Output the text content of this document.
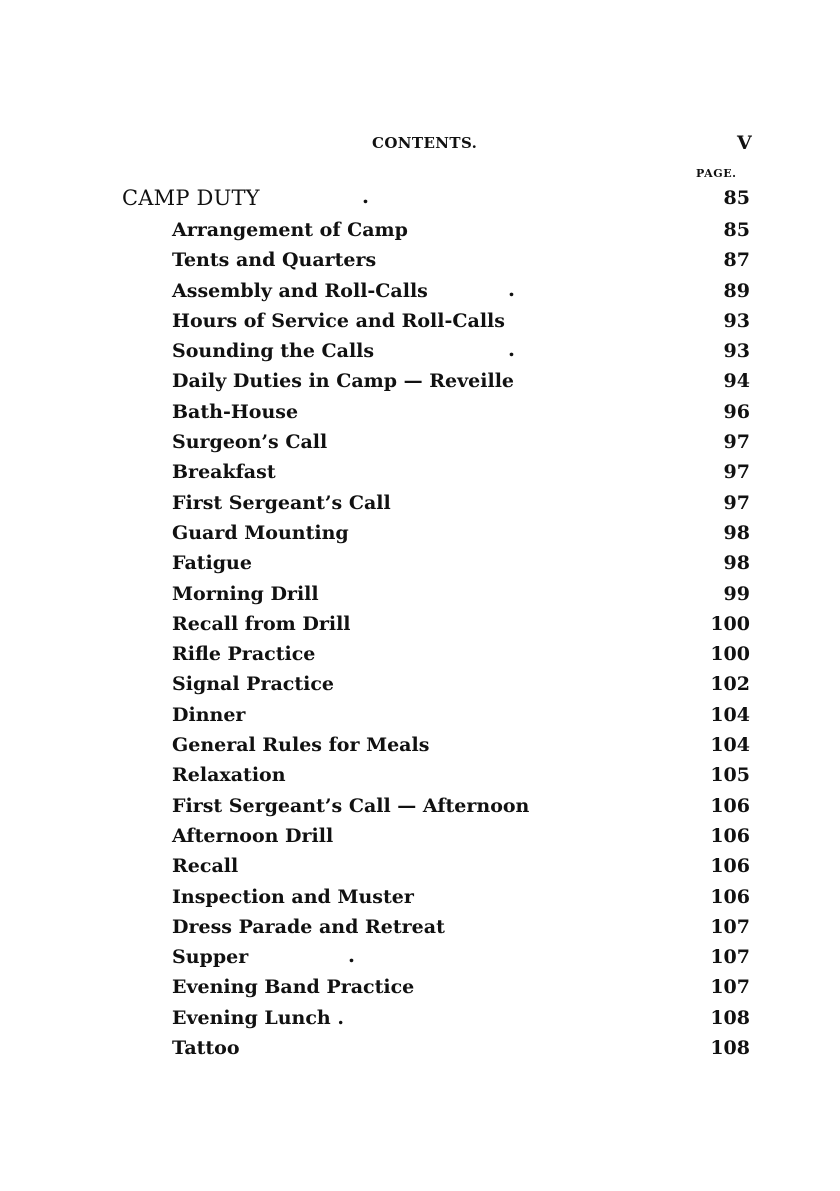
CONTENTS.	V
PAGE.
CAMP DUTY	.	85
Arrangement of Camp	85
Tents and Quarters	87
Assembly and Roll-Calls	.	89
Hours of Service and Roll-Calls	93
Sounding the Calls	.	93
Daily Duties in Camp — Reveille	94
Bath-House	96
Surgeon’s Call	97
Breakfast	97
First Sergeant’s Call	97
Guard Mounting	98
Fatigue	98
Morning Drill	99
Recall from Drill	100
Rifle Practice	100
Signal Practice	102
Dinner	104
General Rules for Meals	104
Relaxation	105
First Sergeant’s Call — Afternoon	106
Afternoon Drill	106
Recall	106
Inspection and Muster	106
Dress Parade and Retreat	107
Supper	.	107
Evening Band Practice	107
Evening Lunch .	108
Tattoo	108
